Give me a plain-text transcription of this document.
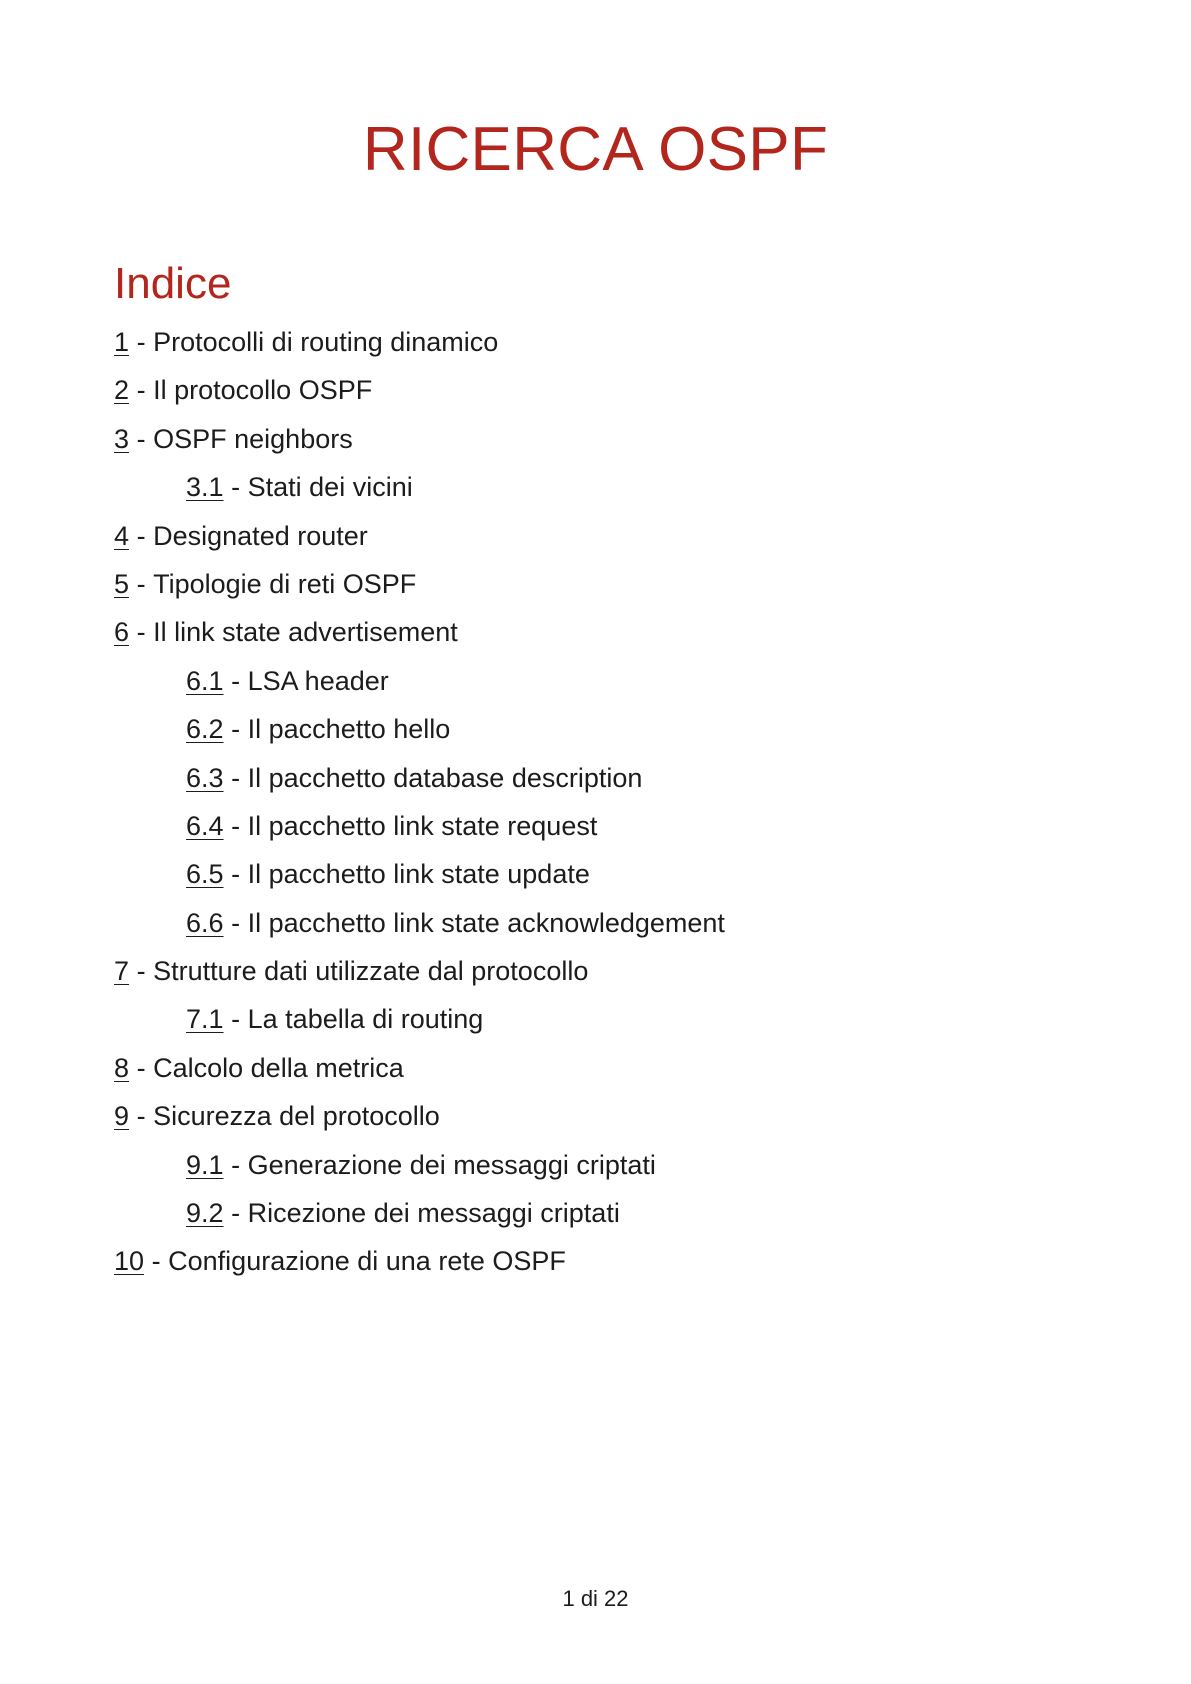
RICERCA OSPF
Indice
1 - Protocolli di routing dinamico
2 - Il protocollo OSPF
3 - OSPF neighbors
3.1 - Stati dei vicini
4 - Designated router
5 - Tipologie di reti OSPF
6 - Il link state advertisement
6.1 - LSA header
6.2 - Il pacchetto hello
6.3 - Il pacchetto database description
6.4 - Il pacchetto link state request
6.5 - Il pacchetto link state update
6.6 - Il pacchetto link state acknowledgement
7 - Strutture dati utilizzate dal protocollo
7.1 - La tabella di routing
8 - Calcolo della metrica
9 - Sicurezza del protocollo
9.1 - Generazione dei messaggi criptati
9.2 - Ricezione dei messaggi criptati
10 - Configurazione di una rete OSPF
1 di 22
